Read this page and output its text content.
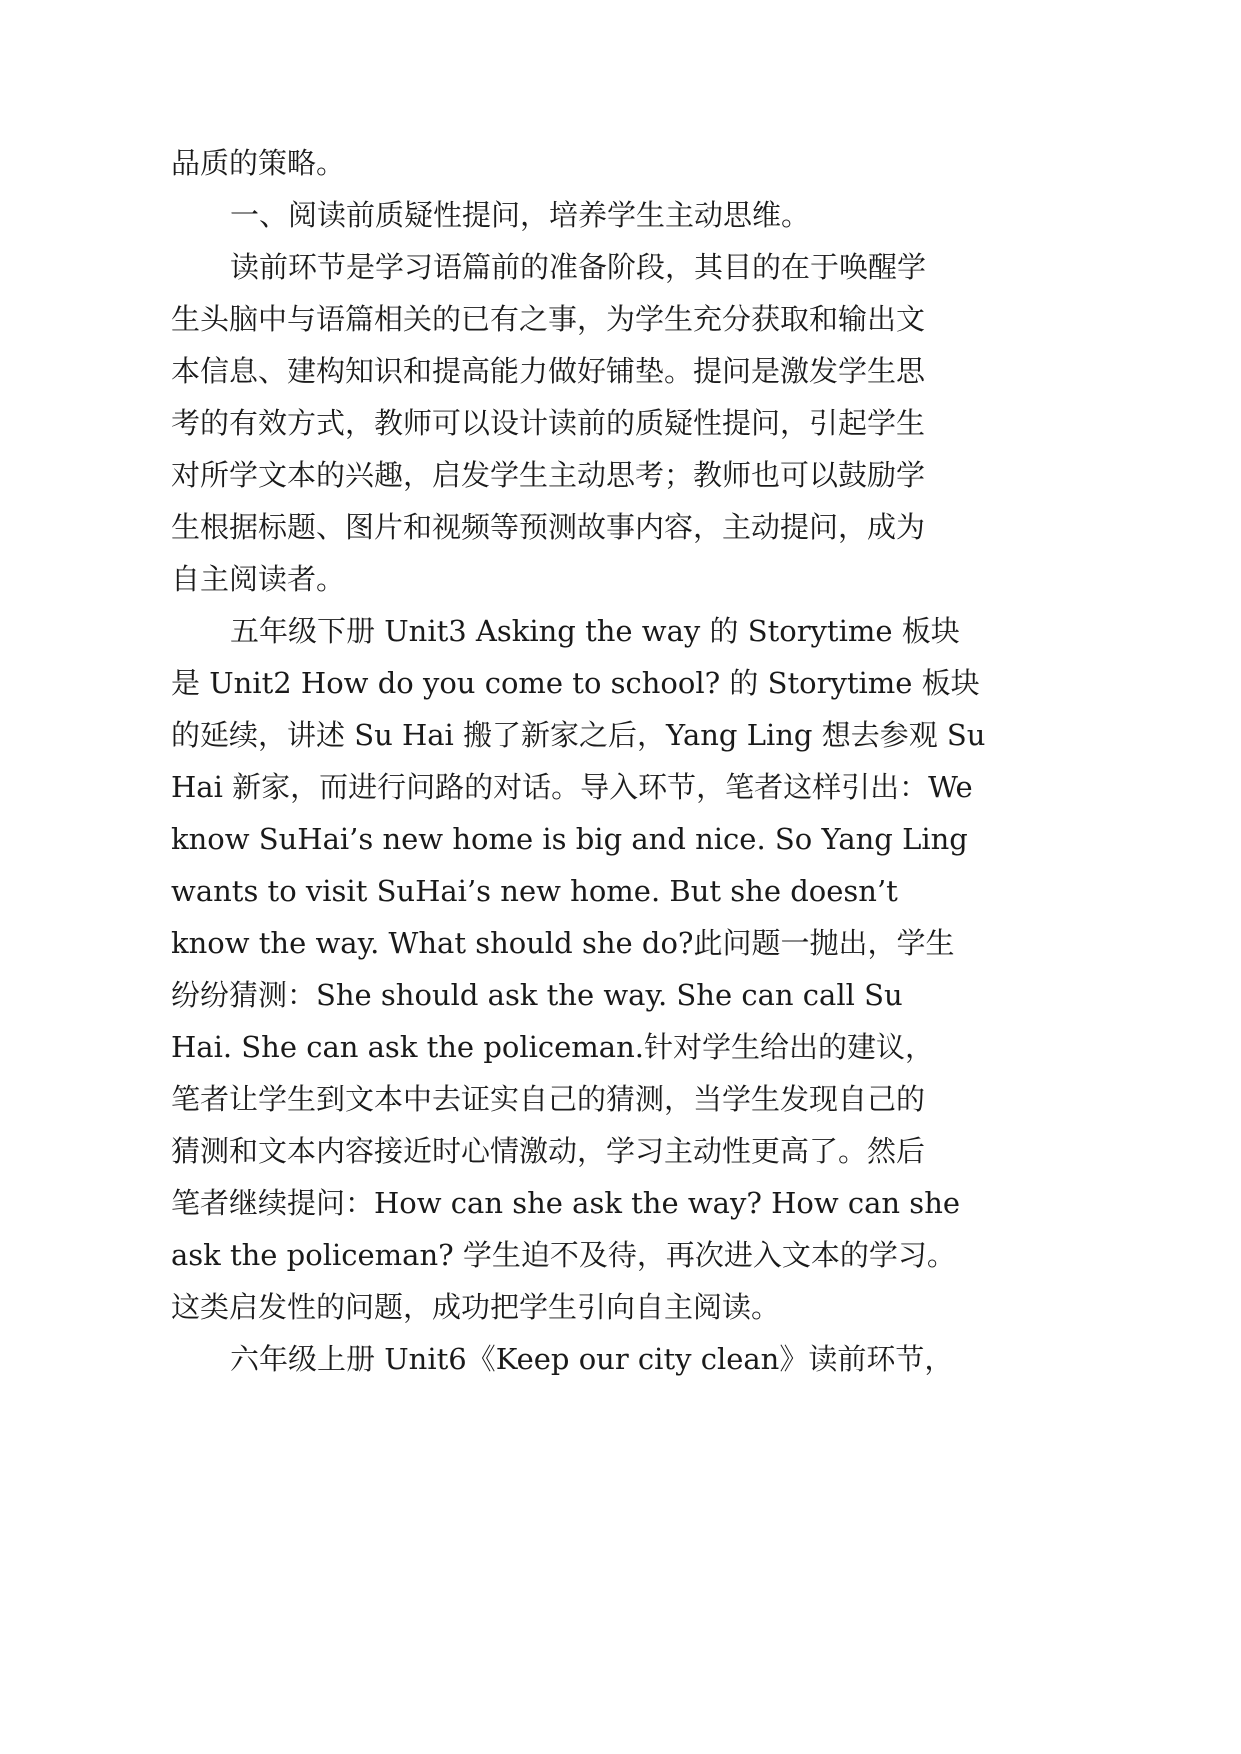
品质的策略。
一、阅读前质疑性提问，培养学生主动思维。
读前环节是学习语篇前的准备阶段，其目的在于唤醒学
生头脑中与语篇相关的已有之事，为学生充分获取和输出文
本信息、建构知识和提高能力做好铺垫。提问是激发学生思
考的有效方式，教师可以设计读前的质疑性提问，引起学生
对所学文本的兴趣，启发学生主动思考；教师也可以鼓励学
生根据标题、图片和视频等预测故事内容，主动提问，成为
自主阅读者。
五年级下册 Unit3 Asking the way 的 Storytime 板块
是 Unit2 How do you come to school? 的 Storytime 板块
的延续，讲述 Su Hai 搬了新家之后，Yang Ling 想去参观 Su
Hai 新家，而进行问路的对话。导入环节，笔者这样引出：We
know SuHai’s new home is big and nice. So Yang Ling
wants to visit SuHai’s new home. But she doesn’t
know the way. What should she do?此问题一抛出，学生
纷纷猜测：She should ask the way. She can call Su
Hai. She can ask the policeman.针对学生给出的建议，
笔者让学生到文本中去证实自己的猜测，当学生发现自己的
猜测和文本内容接近时心情激动，学习主动性更高了。然后
笔者继续提问：How can she ask the way? How can she
ask the policeman? 学生迫不及待，再次进入文本的学习。
这类启发性的问题，成功把学生引向自主阅读。
六年级上册 Unit6《Keep our city clean》读前环节，
